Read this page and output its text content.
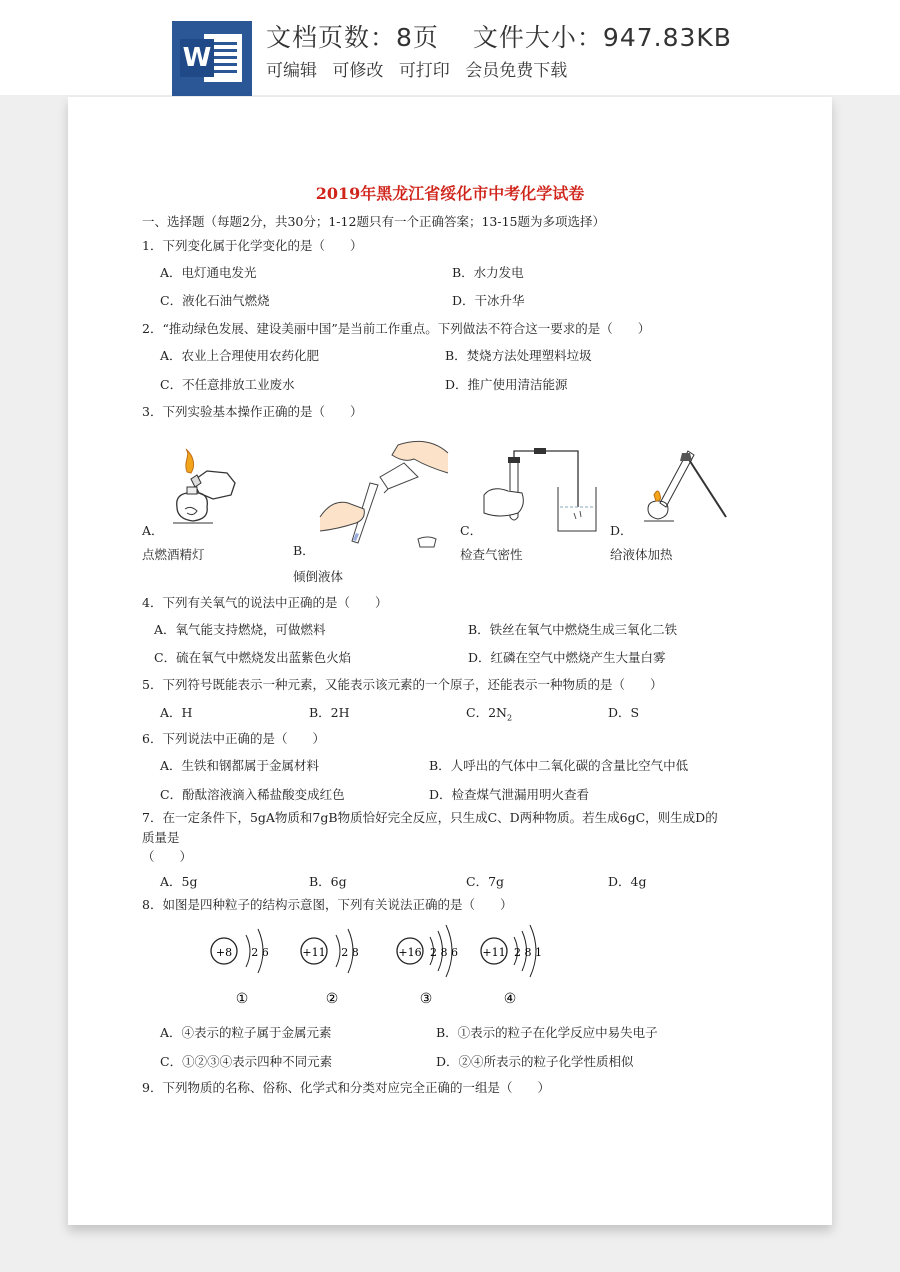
W
文档页数：8页 文件大小：947.83KB
可编辑 可修改 可打印 会员免费下载
2019年黑龙江省绥化市中考化学试卷
一、选择题（每题2分，共30分；1-12题只有一个正确答案；13-15题为多项选择）
1．下列变化属于化学变化的是（　　）
A．电灯通电发光	B．水力发电
C．液化石油气燃烧	D．干冰升华
2．“推动绿色发展、建设美丽中国”是当前工作重点。下列做法不符合这一要求的是（　　）
A．农业上合理使用农药化肥	B．焚烧方法处理塑料垃圾
C．不任意排放工业废水	D．推广使用清洁能源
3．下列实验基本操作正确的是（　　）
A．
点燃酒精灯	B．
倾倒液体
C．
检查气密性
D．
给液体加热
4．下列有关氧气的说法中正确的是（　　）
A．氧气能支持燃烧，可做燃料	B．铁丝在氧气中燃烧生成三氧化二铁
C．硫在氧气中燃烧发出蓝紫色火焰	D．红磷在空气中燃烧产生大量白雾
5．下列符号既能表示一种元素，又能表示该元素的一个原子，还能表示一种物质的是（　　）
A．H	B．2H	C．$2N_2$	D．S
6．下列说法中正确的是（　　）
A．生铁和钢都属于金属材料	B．人呼出的气体中二氧化碳的含量比空气中低
C．酚酞溶液滴入稀盐酸变成红色	D．检查煤气泄漏用明火查看
7．在一定条件下，5gA物质和7gB物质恰好完全反应，只生成C、D两种物质。若生成6gC，则生成D的
质量是
（　　）
A．5g	B．6g	C．7g	D．4g
8．如图是四种粒子的结构示意图，下列有关说法正确的是（　　）
+8 2 6
①
+11 2 8
②
+16 2 8 6
③
+11 2 8 1
④
A．④表示的粒子属于金属元素	B．①表示的粒子在化学反应中易失电子
C．①②③④表示四种不同元素	D．②④所表示的粒子化学性质相似
9．下列物质的名称、俗称、化学式和分类对应完全正确的一组是（　　）
